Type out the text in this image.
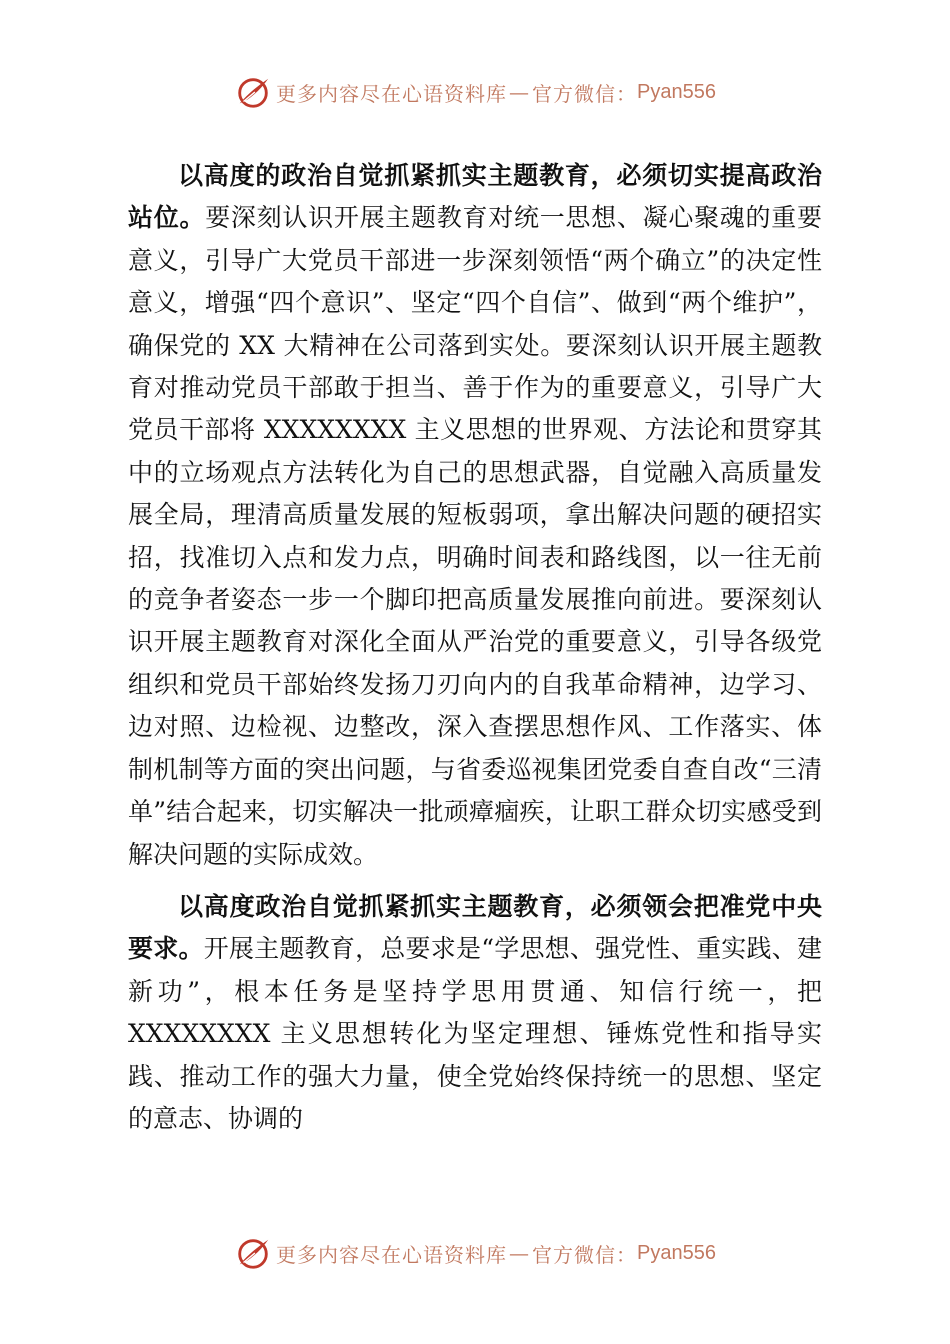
更多内容尽在心语资料库 — 官方微信： Pyan556

以高度的政治自觉抓紧抓实主题教育，必须切实提高政治站位。要深刻认识开展主题教育对统一思想、凝心聚魂的重要意义，引导广大党员干部进一步深刻领悟“两个确立”的决定性意义，增强“四个意识”、坚定“四个自信”、做到“两个维护”，确保党的 XX 大精神在公司落到实处。要深刻认识开展主题教育对推动党员干部敢于担当、善于作为的重要意义，引导广大党员干部将 XXXXXXXX 主义思想的世界观、方法论和贯穿其中的立场观点方法转化为自己的思想武器，自觉融入高质量发展全局，理清高质量发展的短板弱项，拿出解决问题的硬招实招，找准切入点和发力点，明确时间表和路线图，以一往无前的竞争者姿态一步一个脚印把高质量发展推向前进。要深刻认识开展主题教育对深化全面从严治党的重要意义，引导各级党组织和党员干部始终发扬刀刃向内的自我革命精神，边学习、边对照、边检视、边整改，深入查摆思想作风、工作落实、体制机制等方面的突出问题，与省委巡视集团党委自查自改“三清单”结合起来，切实解决一批顽瘴痼疾，让职工群众切实感受到解决问题的实际成效。

以高度政治自觉抓紧抓实主题教育，必须领会把准党中央要求。开展主题教育，总要求是“学思想、强党性、重实践、建新功”，根本任务是坚持学思用贯通、知信行统一，把 XXXXXXXX 主义思想转化为坚定理想、锤炼党性和指导实践、推动工作的强大力量，使全党始终保持统一的思想、坚定的意志、协调的

更多内容尽在心语资料库 — 官方微信： Pyan556
